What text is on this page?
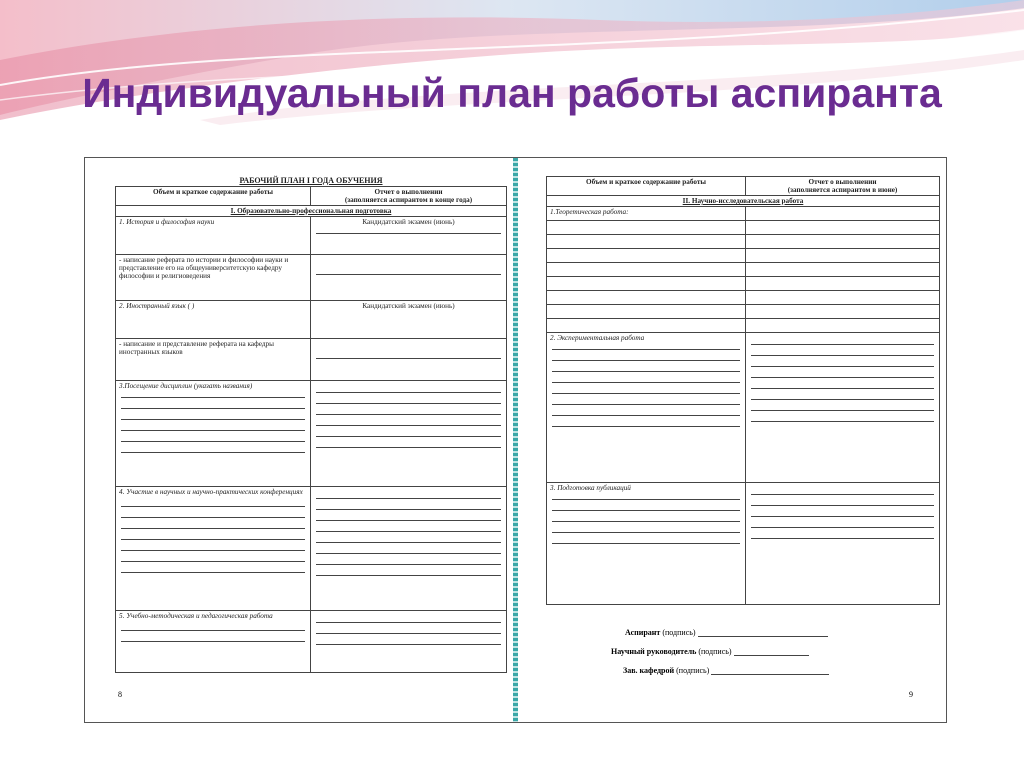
Индивидуальный план работы аспиранта
РАБОЧИЙ ПЛАН I ГОДА ОБУЧЕНИЯ
Объем и краткое содержание работы	Отчет о выполнении
(заполняется аспирантом в конце года)

I. Образовательно-профессиональная подготовка	
1. История и философия науки	Кандидатский экзамен (июнь)

- написание реферата по истории и философии науки и представление его на общеуниверситетскую кафедру философии и религиоведения	

2. Иностранный язык ( )	Кандидатский экзамен (июнь)

- написание и представление реферата на кафедры иностранных языков	

3.Посещение дисциплин (указать названия)	

4. Участие в научных и научно-практических конференциях	

5. Учебно-методическая и педагогическая работа	

8
Объем и краткое содержание работы	Отчет о выполнении
(заполняется аспирантом в июне)

II. Научно-исследовательская работа	
1.Теоретическая работа:	

2. Экспериментальная работа	

3. Подготовка публикаций	

Аспирант (подпись)
Научный руководитель (подпись)
Зав. кафедрой (подпись)
9
